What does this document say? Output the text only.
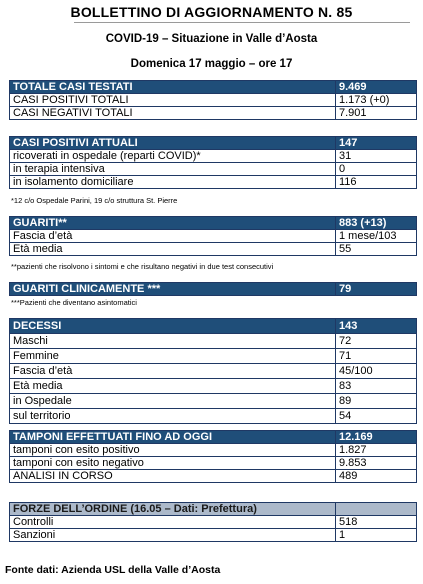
BOLLETTINO DI AGGIORNAMENTO N. 85
COVID-19 – Situazione in Valle d’Aosta
Domenica 17 maggio – ore 17
TOTALE CASI TESTATI	9.469
CASI POSITIVI TOTALI	1.173 (+0)
CASI NEGATIVI TOTALI	7.901
CASI POSITIVI ATTUALI	147
ricoverati in ospedale (reparti COVID)*	31
in terapia intensiva	0
in isolamento domiciliare	116
*12 c/o Ospedale Parini, 19 c/o struttura St. Pierre
GUARITI**	883 (+13)
Fascia d’età	1 mese/103
Età media	55
**pazienti che risolvono i sintomi e che risultano negativi in due test consecutivi
GUARITI CLINICAMENTE ***	79
***Pazienti che diventano asintomatici
DECESSI	143
Maschi	72
Femmine	71
Fascia d’età	45/100
Età media	83
in Ospedale	89
sul territorio	54
TAMPONI EFFETTUATI FINO AD OGGI	12.169
tamponi con esito positivo	1.827
tamponi con esito negativo	9.853
ANALISI IN CORSO	489
FORZE DELL’ORDINE (16.05 – Dati: Prefettura)	
Controlli	518
Sanzioni	1
Fonte dati: Azienda USL della Valle d’Aosta
